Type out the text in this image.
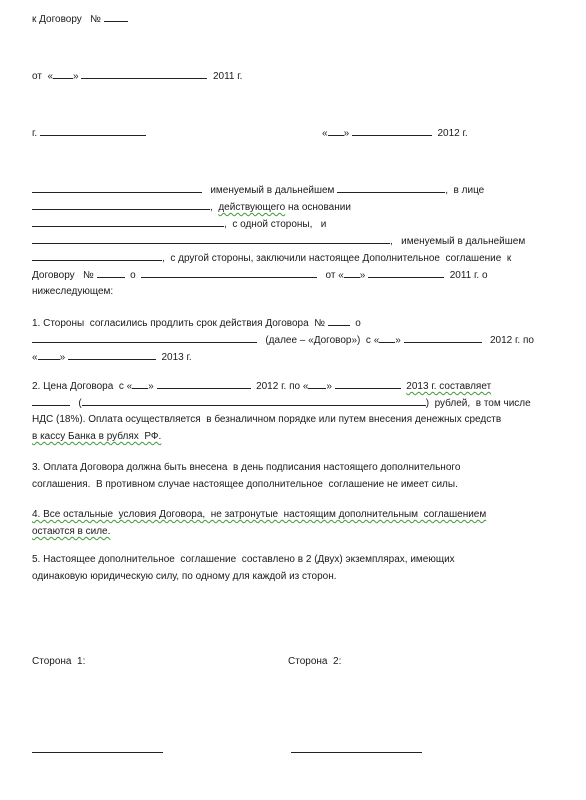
к Договору   №
от  « »	2011 г.
г.	« »	2012 г.
именуемый в дальнейшем	,  в лице
,  действующего на основании
,  с одной стороны,   и
,   именуемый в дальнейшем
,  с другой стороны, заключили настоящее Дополнительное  соглашение  к
Договору   №	о	от « »	2011 г. о
нижеследующем:
1. Стороны  согласились продлить срок действия Договора  №	о
(далее – «Договор»)  с « »	2012 г. по
« »	2013 г.
2. Цена Договора  с « »	2012 г. по « »	2013 г. составляет
(	)  рублей,  в том числе
НДС (18%). Оплата осуществляется  в безналичном порядке или путем внесения денежных средств
в кассу Банка в рублях  РФ.
3. Оплата Договора должна быть внесена  в день подписания настоящего дополнительного
соглашения.  В противном случае настоящее дополнительное  соглашение не имеет силы.
4. Все остальные  условия Договора,  не затронутые  настоящим дополнительным  соглашением
остаются в силе.
5. Настоящее дополнительное  соглашение  составлено в 2 (Двух) экземплярах, имеющих
одинаковую юридическую силу, по одному для каждой из сторон.
Сторона  1:	Сторона  2:
